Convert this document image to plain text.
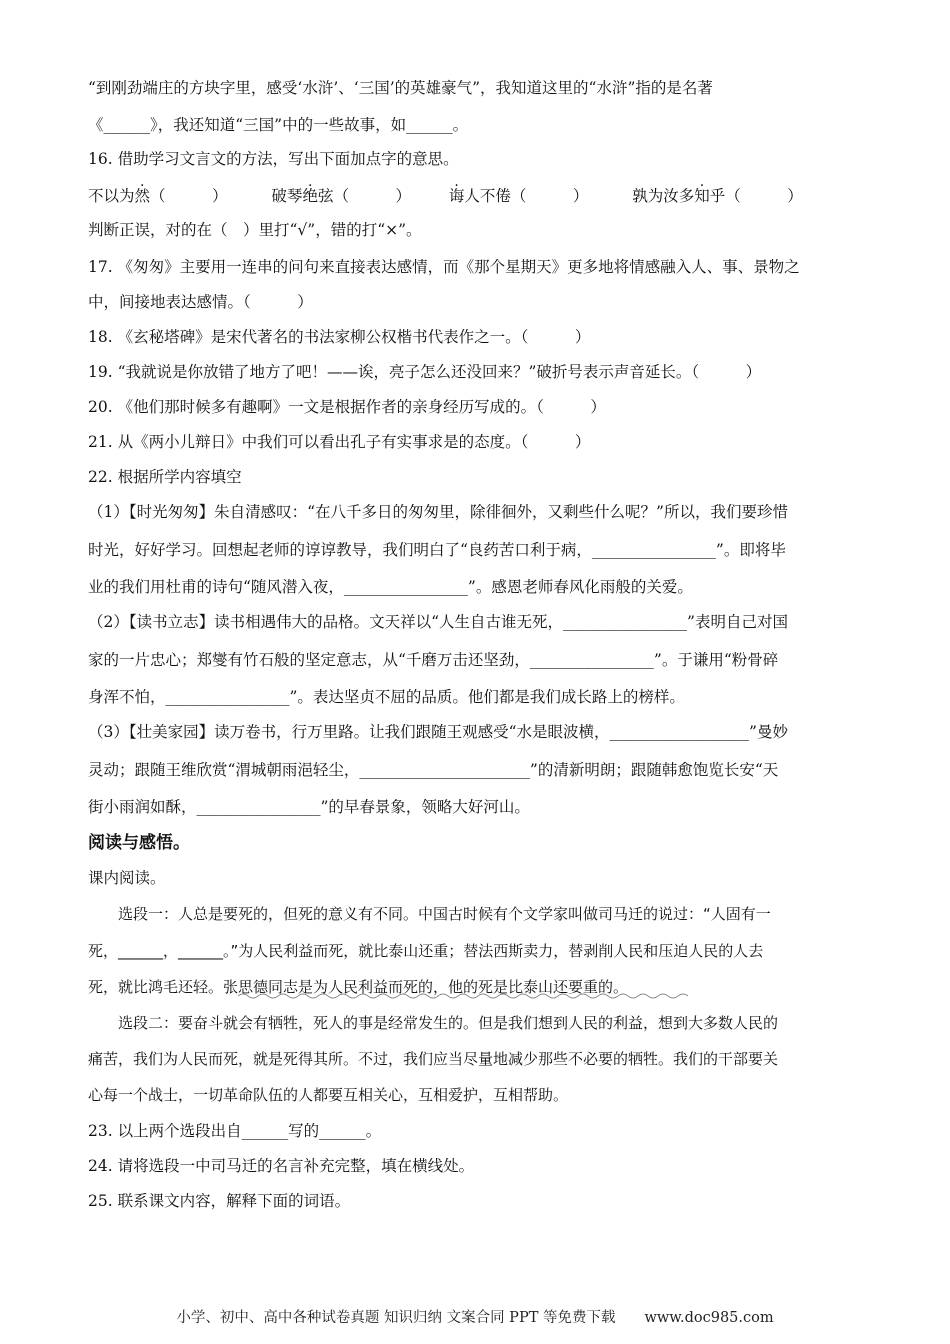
“到刚劲端庄的方块字里，感受‘水浒’、‘三国’的英雄豪气”，我知道这里的“水浒”指的是名著
《______》，我还知道“三国”中的一些故事，如______。
16. 借助学习文言文的方法，写出下面加点字的意思。
不以为然（　　　）	破琴绝弦（　　　） 诲人不倦（　　　）	孰为汝多知乎（　　　）
判断正误，对的在（　）里打“√”，错的打“×”。
17. 《匆匆》主要用一连串的问句来直接表达感情，而《那个星期天》更多地将情感融入人、事、景物之
中，间接地表达感情。（　　　）
18. 《玄秘塔碑》是宋代著名的书法家柳公权楷书代表作之一。（　　　）
19. “我就说是你放错了地方了吧！——诶，亮子怎么还没回来？”破折号表示声音延长。（　　　）
20. 《他们那时候多有趣啊》一文是根据作者的亲身经历写成的。（　　　）
21. 从《两小儿辩日》中我们可以看出孔子有实事求是的态度。（　　　）
22. 根据所学内容填空
（1）【时光匆匆】朱自清感叹：“在八千多日的匆匆里，除徘徊外，又剩些什么呢？”所以，我们要珍惜
时光，好好学习。回想起老师的谆谆教导，我们明白了“良药苦口利于病，________________”。即将毕
业的我们用杜甫的诗句“随风潜入夜，________________”。感恩老师春风化雨般的关爱。
（2）【读书立志】读书相遇伟大的品格。文天祥以“人生自古谁无死，________________”表明自己对国
家的一片忠心；郑燮有竹石般的坚定意志，从“千磨万击还坚劲，________________”。于谦用“粉骨碎
身浑不怕，________________”。表达坚贞不屈的品质。他们都是我们成长路上的榜样。
（3）【壮美家园】读万卷书，行万里路。让我们跟随王观感受“水是眼波横，__________________”曼妙
灵动；跟随王维欣赏“渭城朝雨浥轻尘，______________________”的清新明朗；跟随韩愈饱览长安“天
街小雨润如酥，________________”的早春景象，领略大好河山。
阅读与感悟。
课内阅读。
选段一：人总是要死的，但死的意义有不同。中国古时候有个文学家叫做司马迁的说过：“人固有一
死，______，______。”为人民利益而死，就比泰山还重；替法西斯卖力，替剥削人民和压迫人民的人去
死，就比鸿毛还轻。张思德同志是为人民利益而死的，他的死是比泰山还要重的。
选段二：要奋斗就会有牺牲，死人的事是经常发生的。但是我们想到人民的利益，想到大多数人民的
痛苦，我们为人民而死，就是死得其所。不过，我们应当尽量地减少那些不必要的牺牲。我们的干部要关
心每一个战士，一切革命队伍的人都要互相关心，互相爱护，互相帮助。
23. 以上两个选段出自______写的______。
24. 请将选段一中司马迁的名言补充完整，填在横线处。
25. 联系课文内容，解释下面的词语。
小学、初中、高中各种试卷真题 知识归纳 文案合同 PPT 等免费下载　　www.doc985.com
